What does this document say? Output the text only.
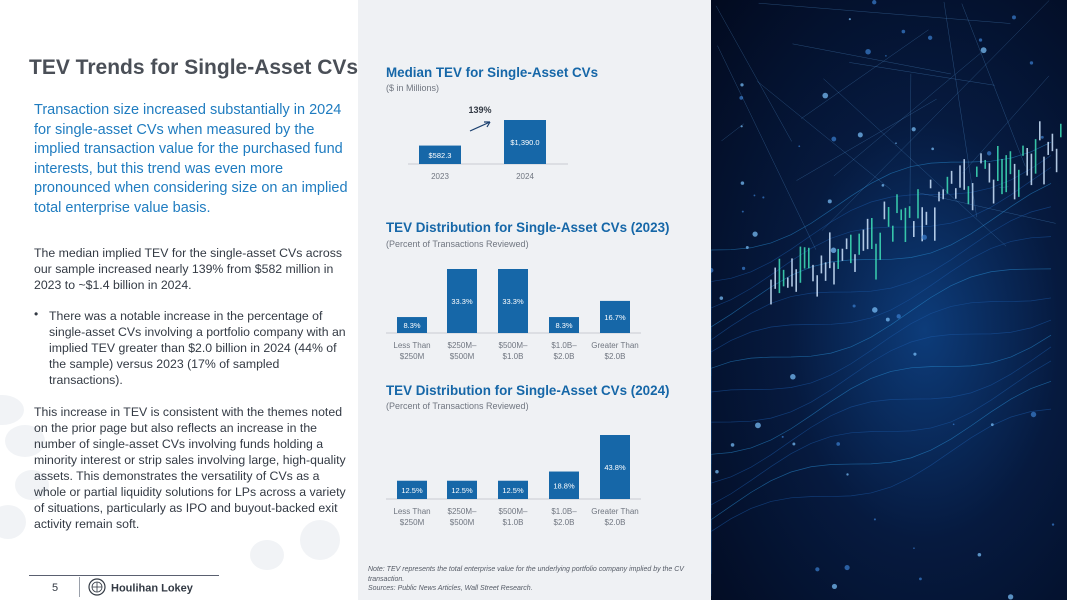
TEV Trends for Single-Asset CVs
Transaction size increased substantially in 2024 for single-asset CVs when measured by the implied transaction value for the purchased fund interests, but this trend was even more pronounced when considering size on an implied total enterprise value basis.
The median implied TEV for the single-asset CVs across our sample increased nearly 139% from $582 million in 2023 to ~$1.4 billion in 2024.
• There was a notable increase in the percentage of single-asset CVs involving a portfolio company with an implied TEV greater than $2.0 billion in 2024 (44% of the sample) versus 2023 (17% of sampled transactions).
This increase in TEV is consistent with the themes noted on the prior page but also reflects an increase in the number of single-asset CVs involving funds holding a minority interest or strip sales involving large, high-quality assets. This demonstrates the versatility of CVs as a whole or partial liquidity solutions for LPs across a variety of situations, particularly as IPO and buyout-backed exit activity remain soft.
5	Houlihan Lokey
Median TEV for Single-Asset CVs
($ in Millions)
$582.3
2023
$1,390.0
2024
139%
TEV Distribution for Single-Asset CVs (2023)
(Percent of Transactions Reviewed)
8.3%
Less Than
$250M
33.3%
$250M–
$500M
33.3%
$500M–
$1.0B
8.3%
$1.0B–
$2.0B
16.7%
Greater Than
$2.0B
TEV Distribution for Single-Asset CVs (2024)
(Percent of Transactions Reviewed)
12.5%
Less Than
$250M
12.5%
$250M–
$500M
12.5%
$500M–
$1.0B
18.8%
$1.0B–
$2.0B
43.8%
Greater Than
$2.0B
Note: TEV represents the total enterprise value for the underlying portfolio company implied by the CV transaction.
Sources: Public News Articles, Wall Street Research.
